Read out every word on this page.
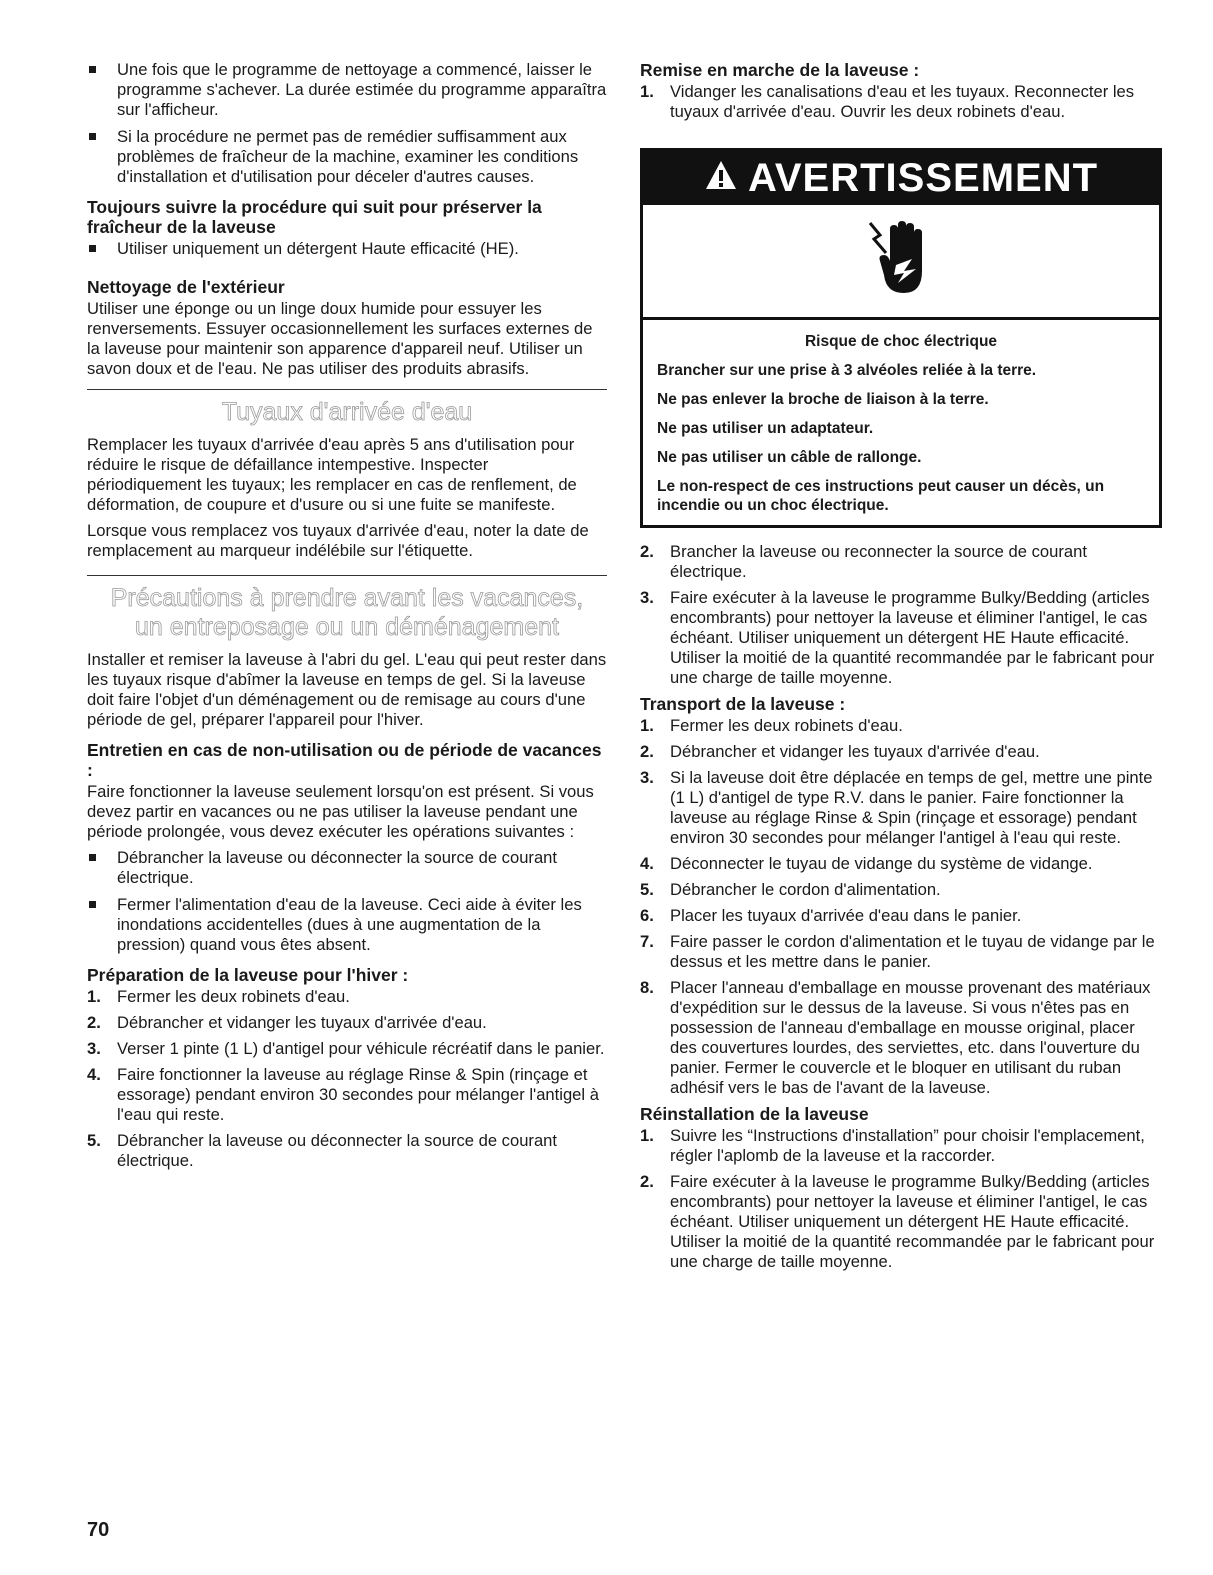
Une fois que le programme de nettoyage a commencé, laisser le programme s'achever. La durée estimée du programme apparaîtra sur l'afficheur.
Si la procédure ne permet pas de remédier suffisamment aux problèmes de fraîcheur de la machine, examiner les conditions d'installation et d'utilisation pour déceler d'autres causes.
Toujours suivre la procédure qui suit pour préserver la fraîcheur de la laveuse
Utiliser uniquement un détergent Haute efficacité (HE).
Nettoyage de l'extérieur

Utiliser une éponge ou un linge doux humide pour essuyer les renversements. Essuyer occasionnellement les surfaces externes de la laveuse pour maintenir son apparence d'appareil neuf. Utiliser un savon doux et de l'eau. Ne pas utiliser des produits abrasifs.

Tuyaux d'arrivée d'eau

Remplacer les tuyaux d'arrivée d'eau après 5 ans d'utilisation pour réduire le risque de défaillance intempestive. Inspecter périodiquement les tuyaux; les remplacer en cas de renflement, de déformation, de coupure et d'usure ou si une fuite se manifeste.

Lorsque vous remplacez vos tuyaux d'arrivée d'eau, noter la date de remplacement au marqueur indélébile sur l'étiquette.

Précautions à prendre avant les vacances,
un entreposage ou un déménagement

Installer et remiser la laveuse à l'abri du gel. L'eau qui peut rester dans les tuyaux risque d'abîmer la laveuse en temps de gel. Si la laveuse doit faire l'objet d'un déménagement ou de remisage au cours d'une période de gel, préparer l'appareil pour l'hiver.

Entretien en cas de non-utilisation ou de période de vacances :

Faire fonctionner la laveuse seulement lorsqu'on est présent. Si vous devez partir en vacances ou ne pas utiliser la laveuse pendant une période prolongée, vous devez exécuter les opérations suivantes :

Débrancher la laveuse ou déconnecter la source de courant électrique.
Fermer l'alimentation d'eau de la laveuse. Ceci aide à éviter les inondations accidentelles (dues à une augmentation de la pression) quand vous êtes absent.
Préparation de la laveuse pour l'hiver :
1. Fermer les deux robinets d'eau.
2. Débrancher et vidanger les tuyaux d'arrivée d'eau.
3. Verser 1 pinte (1 L) d'antigel pour véhicule récréatif dans le panier.
4. Faire fonctionner la laveuse au réglage Rinse & Spin (rinçage et essorage) pendant environ 30 secondes pour mélanger l'antigel à l'eau qui reste.
5. Débrancher la laveuse ou déconnecter la source de courant électrique.
Remise en marche de la laveuse :
1. Vidanger les canalisations d'eau et les tuyaux. Reconnecter les tuyaux d'arrivée d'eau. Ouvrir les deux robinets d'eau.
AVERTISSEMENT
Risque de choc électrique
Brancher sur une prise à 3 alvéoles reliée à la terre.
Ne pas enlever la broche de liaison à la terre.
Ne pas utiliser un adaptateur.
Ne pas utiliser un câble de rallonge.
Le non-respect de ces instructions peut causer un décès, un incendie ou un choc électrique.
2. Brancher la laveuse ou reconnecter la source de courant électrique.
3. Faire exécuter à la laveuse le programme Bulky/Bedding (articles encombrants) pour nettoyer la laveuse et éliminer l'antigel, le cas échéant. Utiliser uniquement un détergent HE Haute efficacité. Utiliser la moitié de la quantité recommandée par le fabricant pour une charge de taille moyenne.
Transport de la laveuse :
1. Fermer les deux robinets d'eau.
2. Débrancher et vidanger les tuyaux d'arrivée d'eau.
3. Si la laveuse doit être déplacée en temps de gel, mettre une pinte (1 L) d'antigel de type R.V. dans le panier. Faire fonctionner la laveuse au réglage Rinse & Spin (rinçage et essorage) pendant environ 30 secondes pour mélanger l'antigel à l'eau qui reste.
4. Déconnecter le tuyau de vidange du système de vidange.
5. Débrancher le cordon d'alimentation.
6. Placer les tuyaux d'arrivée d'eau dans le panier.
7. Faire passer le cordon d'alimentation et le tuyau de vidange par le dessus et les mettre dans le panier.
8. Placer l'anneau d'emballage en mousse provenant des matériaux d'expédition sur le dessus de la laveuse. Si vous n'êtes pas en possession de l'anneau d'emballage en mousse original, placer des couvertures lourdes, des serviettes, etc. dans l'ouverture du panier. Fermer le couvercle et le bloquer en utilisant du ruban adhésif vers le bas de l'avant de la laveuse.
Réinstallation de la laveuse
1. Suivre les “Instructions d'installation” pour choisir l'emplacement, régler l'aplomb de la laveuse et la raccorder.
2. Faire exécuter à la laveuse le programme Bulky/Bedding (articles encombrants) pour nettoyer la laveuse et éliminer l'antigel, le cas échéant. Utiliser uniquement un détergent HE Haute efficacité. Utiliser la moitié de la quantité recommandée par le fabricant pour une charge de taille moyenne.
70
